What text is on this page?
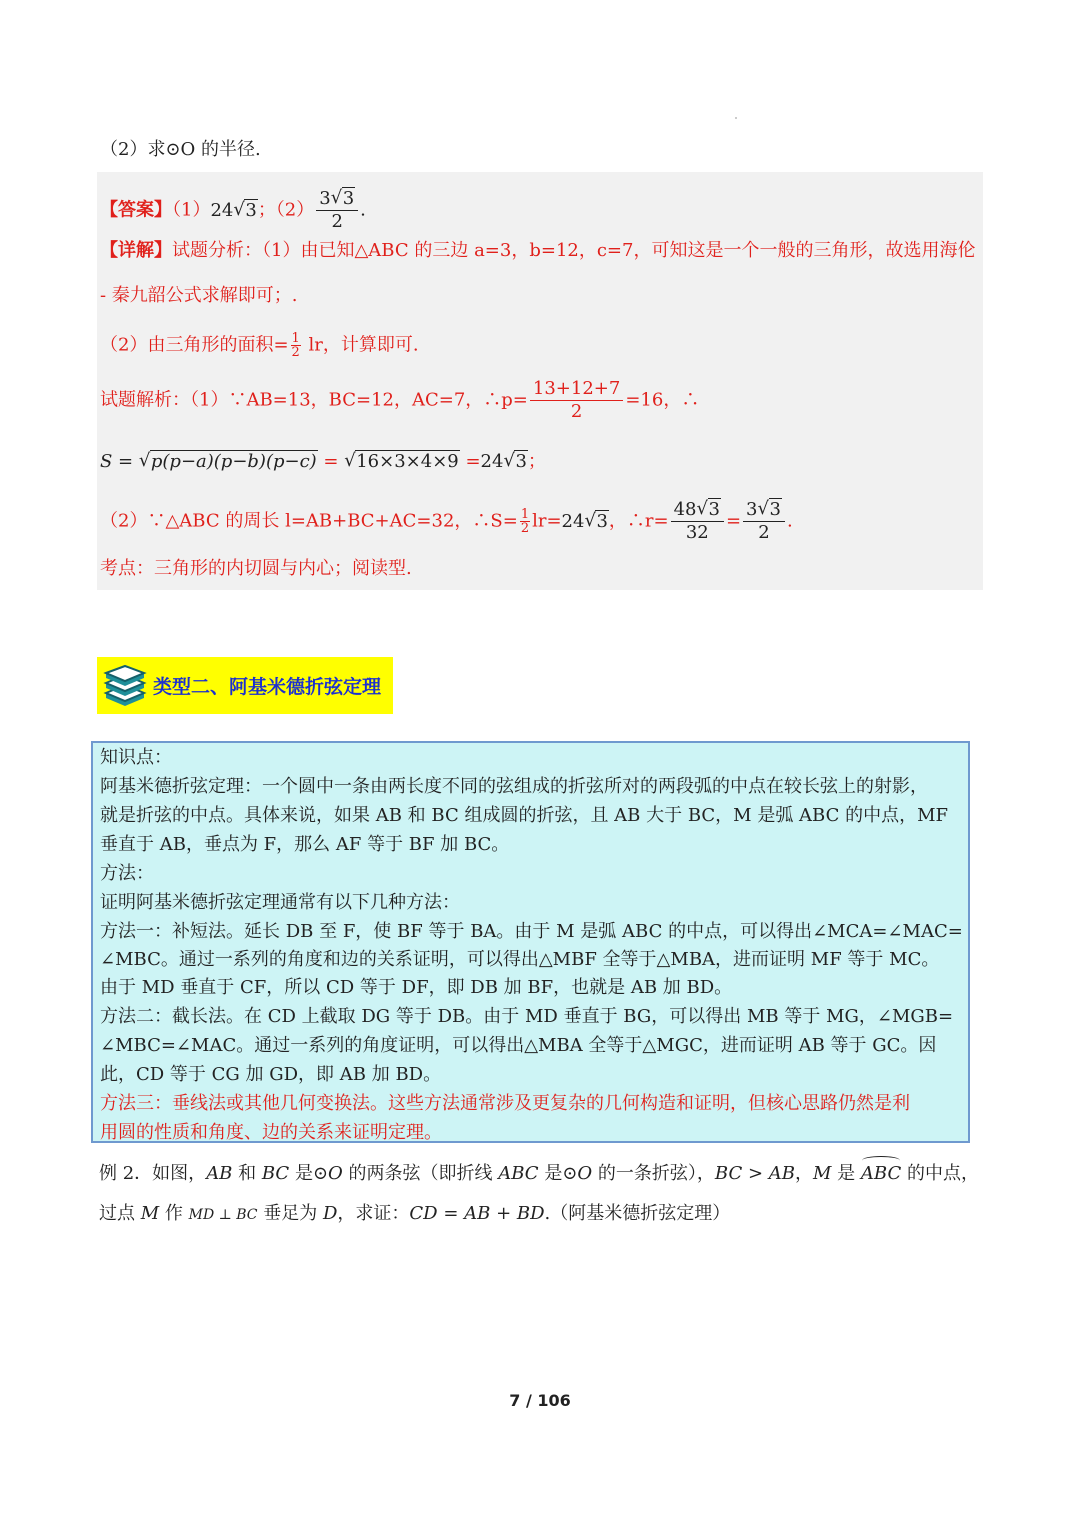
（2）求⊙O 的半径.
【答案】（1）24√ 3；$(2) \frac{3√ 3}{2}$ .
【详解】试题分析：（1）由已知△ABC 的三边 a=3，b=12，c=7，可知这是一个一般的三角形，故选用海伦
- 秦九韶公式求解即可；.
（2）由三角形的面积= $\frac{1}{2}$ lr，计算即可.
试题解析：（1）∵AB=13，BC=12，AC=7，∴p= $\frac{13+12+7}{2} =16$，∴
S = √ p(p−a)(p−b)(p−c) = √ 16×3×4×9 =24√ 3；
（2）∵△ABC 的周长 l=AB+BC+AC=32，∴S= $\frac{1}{2} lr=24√$ 3，∴r= $\frac{48√ 3}{32} = \frac{3√ 3}{2}$ .
考点：三角形的内切圆与内心；阅读型.
类型二、阿基米德折弦定理
知识点：
阿基米德折弦定理：一个圆中一条由两长度不同的弦组成的折弦所对的两段弧的中点在较长弦上的射影，
就是折弦的中点。具体来说，如果 AB 和 BC 组成圆的折弦，且 AB 大于 BC，M 是弧 ABC 的中点，MF
垂直于 AB，垂点为 F，那么 AF 等于 BF 加 BC。
方法：
证明阿基米德折弦定理通常有以下几种方法：
方法一：补短法。延长 DB 至 F，使 BF 等于 BA。由于 M 是弧 ABC 的中点，可以得出∠MCA=∠MAC=
∠MBC。通过一系列的角度和边的关系证明，可以得出△MBF 全等于△MBA，进而证明 MF 等于 MC。
由于 MD 垂直于 CF，所以 CD 等于 DF，即 DB 加 BF，也就是 AB 加 BD。
方法二：截长法。在 CD 上截取 DG 等于 DB。由于 MD 垂直于 BG，可以得出 MB 等于 MG，∠MGB=
∠MBC=∠MAC。通过一系列的角度证明，可以得出△MBA 全等于△MGC，进而证明 AB 等于 GC。因
此，CD 等于 CG 加 GD，即 AB 加 BD。
方法三：垂线法或其他几何变换法。这些方法通常涉及更复杂的几何构造和证明，但核心思路仍然是利
用圆的性质和角度、边的关系来证明定理。
例 2．如图，AB 和 BC 是⊙O 的两条弦（即折线 ABC 是⊙O 的一条折弦），BC > AB，M 是 ABC 的中点，
过点 M 作 MD ⊥ BC 垂足为 D，求证：CD = AB + BD.（阿基米德折弦定理）
7 / 106
